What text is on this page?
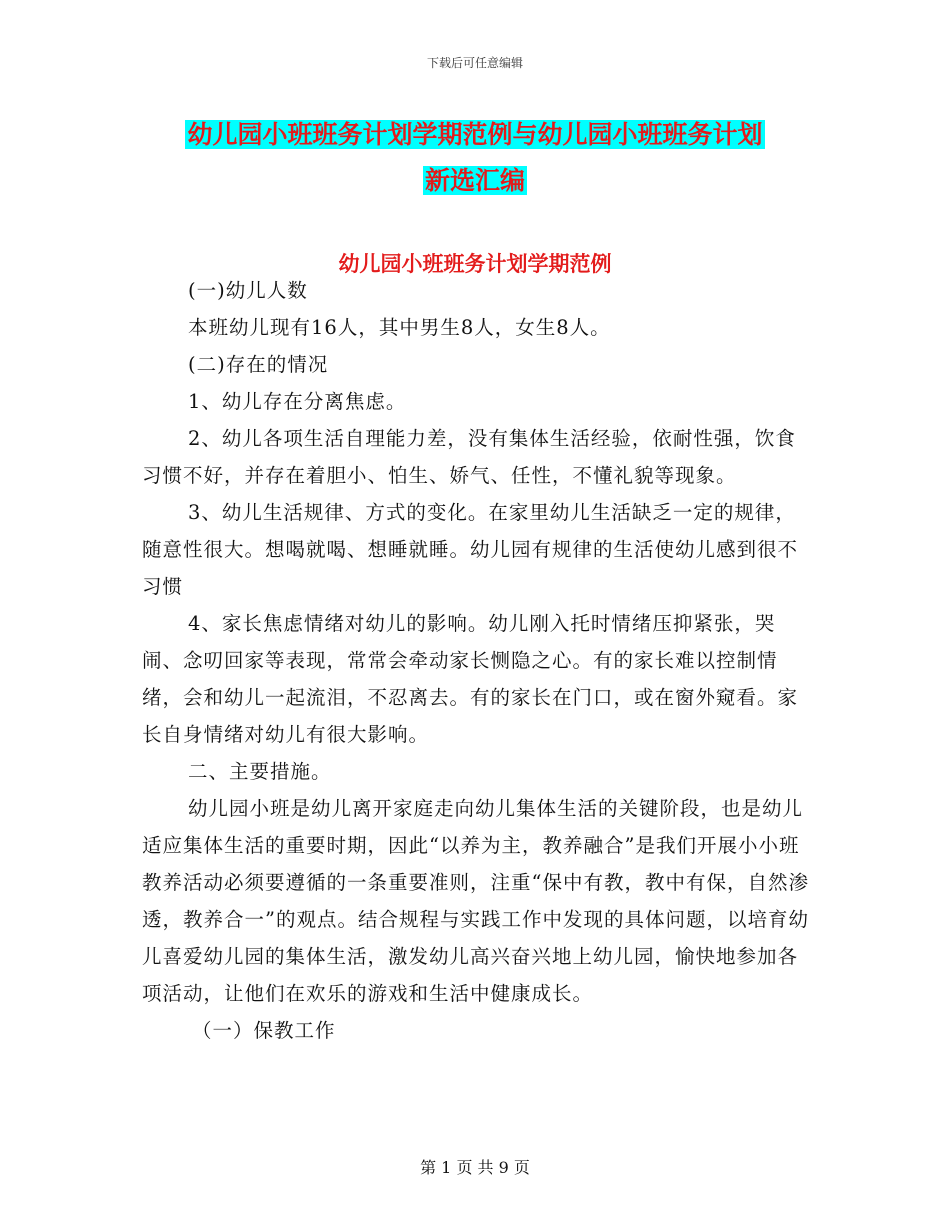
下载后可任意编辑
幼儿园小班班务计划学期范例与幼儿园小班班务计划
新选汇编
幼儿园小班班务计划学期范例

(一)幼儿人数

本班幼儿现有16人，其中男生8人，女生8人。

(二)存在的情况

1、幼儿存在分离焦虑。

2、幼儿各项生活自理能力差，没有集体生活经验，依耐性强，饮食习惯不好，并存在着胆小、怕生、娇气、任性，不懂礼貌等现象。

3、幼儿生活规律、方式的变化。在家里幼儿生活缺乏一定的规律，随意性很大。想喝就喝、想睡就睡。幼儿园有规律的生活使幼儿感到很不习惯

4、家长焦虑情绪对幼儿的影响。幼儿刚入托时情绪压抑紧张，哭闹、念叨回家等表现，常常会牵动家长恻隐之心。有的家长难以控制情绪，会和幼儿一起流泪，不忍离去。有的家长在门口，或在窗外窥看。家长自身情绪对幼儿有很大影响。

二、主要措施。

幼儿园小班是幼儿离开家庭走向幼儿集体生活的关键阶段，也是幼儿适应集体生活的重要时期，因此“以养为主，教养融合”是我们开展小小班教养活动必须要遵循的一条重要准则，注重“保中有教，教中有保，自然渗透，教养合一”的观点。结合规程与实践工作中发现的具体问题，以培育幼儿喜爱幼儿园的集体生活，激发幼儿高兴奋兴地上幼儿园，愉快地参加各项活动，让他们在欢乐的游戏和生活中健康成长。

（一）保教工作

第 1 页 共 9 页
